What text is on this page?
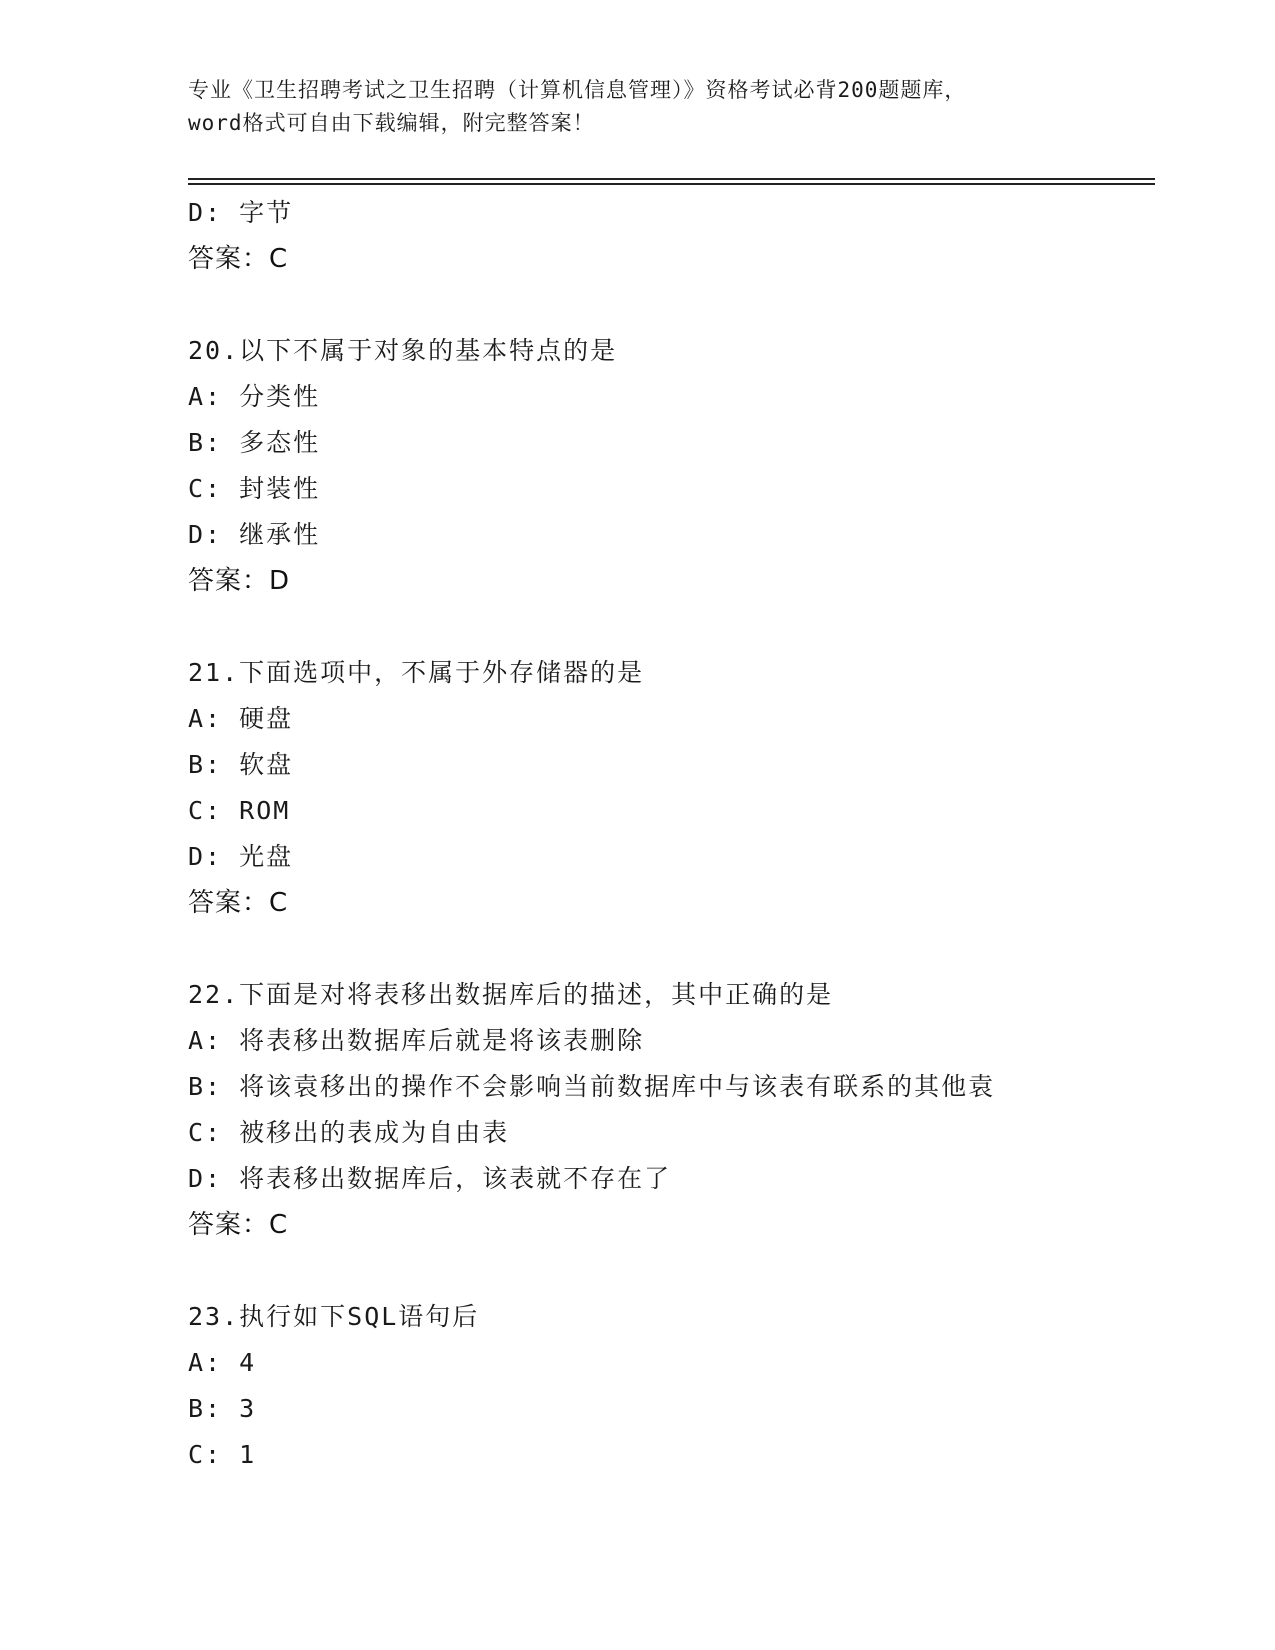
专业《卫生招聘考试之卫生招聘（计算机信息管理）》资格考试必背200题题库，
word格式可自由下载编辑，附完整答案！
D: 字节
答案：C
20.以下不属于对象的基本特点的是
A: 分类性
B: 多态性
C: 封装性
D: 继承性
答案：D
21.下面选项中，不属于外存储器的是
A: 硬盘
B: 软盘
C: ROM
D: 光盘
答案：C
22.下面是对将表移出数据库后的描述，其中正确的是
A: 将表移出数据库后就是将该表删除
B: 将该袁移出的操作不会影响当前数据库中与该表有联系的其他袁
C: 被移出的表成为自由表
D: 将表移出数据库后，该表就不存在了
答案：C
23.执行如下SQL语句后
A: 4
B: 3
C: 1
